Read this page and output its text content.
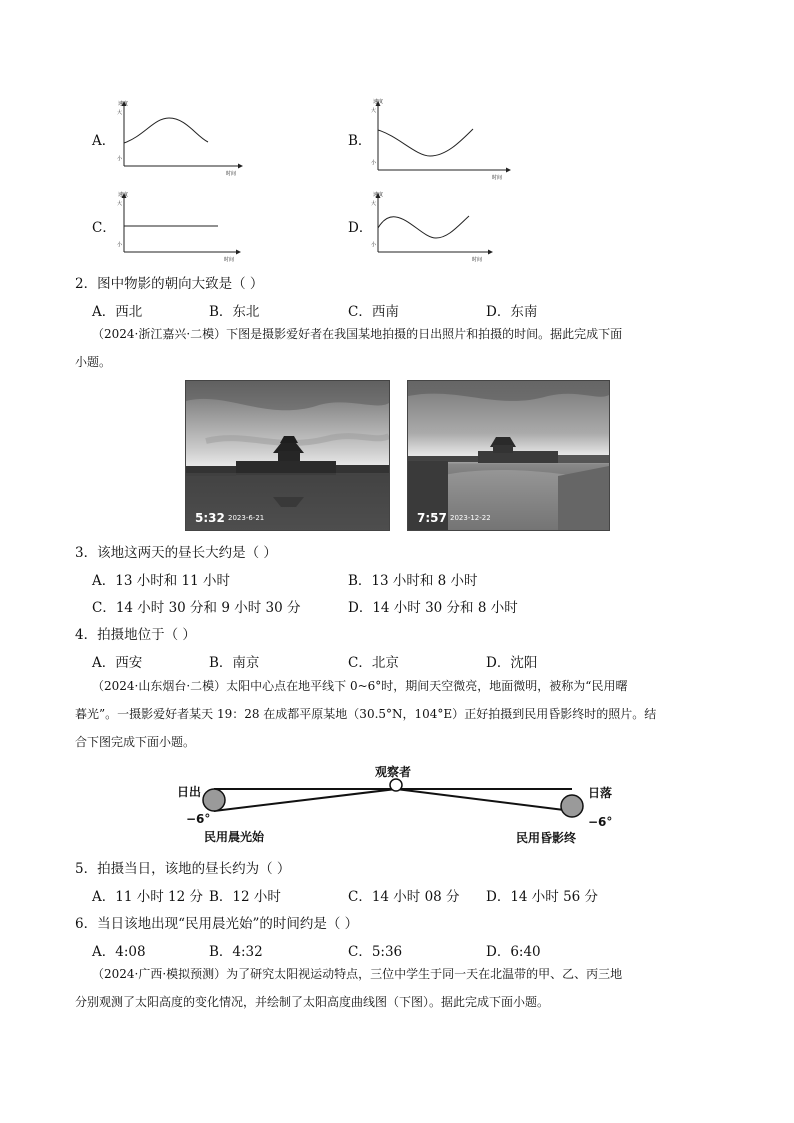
A．
速度
大
小
时间
B．
速度
大
小
时间
C．
速度
大
小
时间
D．
速度
大
小
时间
2．图中物影的朝向大致是（ ）
A．西北	B．东北	C．西南	D．东南
（2024·浙江嘉兴·二模）下图是摄影爱好者在我国某地拍摄的日出照片和拍摄的时间。据此完成下面
小题。
5:32 2023-6-21	7:57 2023-12-22
3．该地这两天的昼长大约是（ ）
A．13 小时和 11 小时	B．13 小时和 8 小时
C．14 小时 30 分和 9 小时 30 分	D．14 小时 30 分和 8 小时
4．拍摄地位于（ ）
A．西安	B．南京	C．北京	D．沈阳
（2024·山东烟台·二模）太阳中心点在地平线下 0~6°时，期间天空微亮，地面微明，被称为“民用曙
暮光”。一摄影爱好者某天 19：28 在成都平原某地（30.5°N，104°E）正好拍摄到民用昏影终时的照片。结
合下图完成下面小题。
观察者
日出	日落
−6°	−6°
民用晨光始	民用昏影终
5．拍摄当日，该地的昼长约为（ ）
A．11 小时 12 分 B．12 小时	C．14 小时 08 分 D．14 小时 56 分
6．当日该地出现“民用晨光始”的时间约是（ ）
A．4:08	B．4:32	C．5:36	D．6:40
（2024·广西·模拟预测）为了研究太阳视运动特点，三位中学生于同一天在北温带的甲、乙、丙三地
分别观测了太阳高度的变化情况，并绘制了太阳高度曲线图（下图）。据此完成下面小题。
